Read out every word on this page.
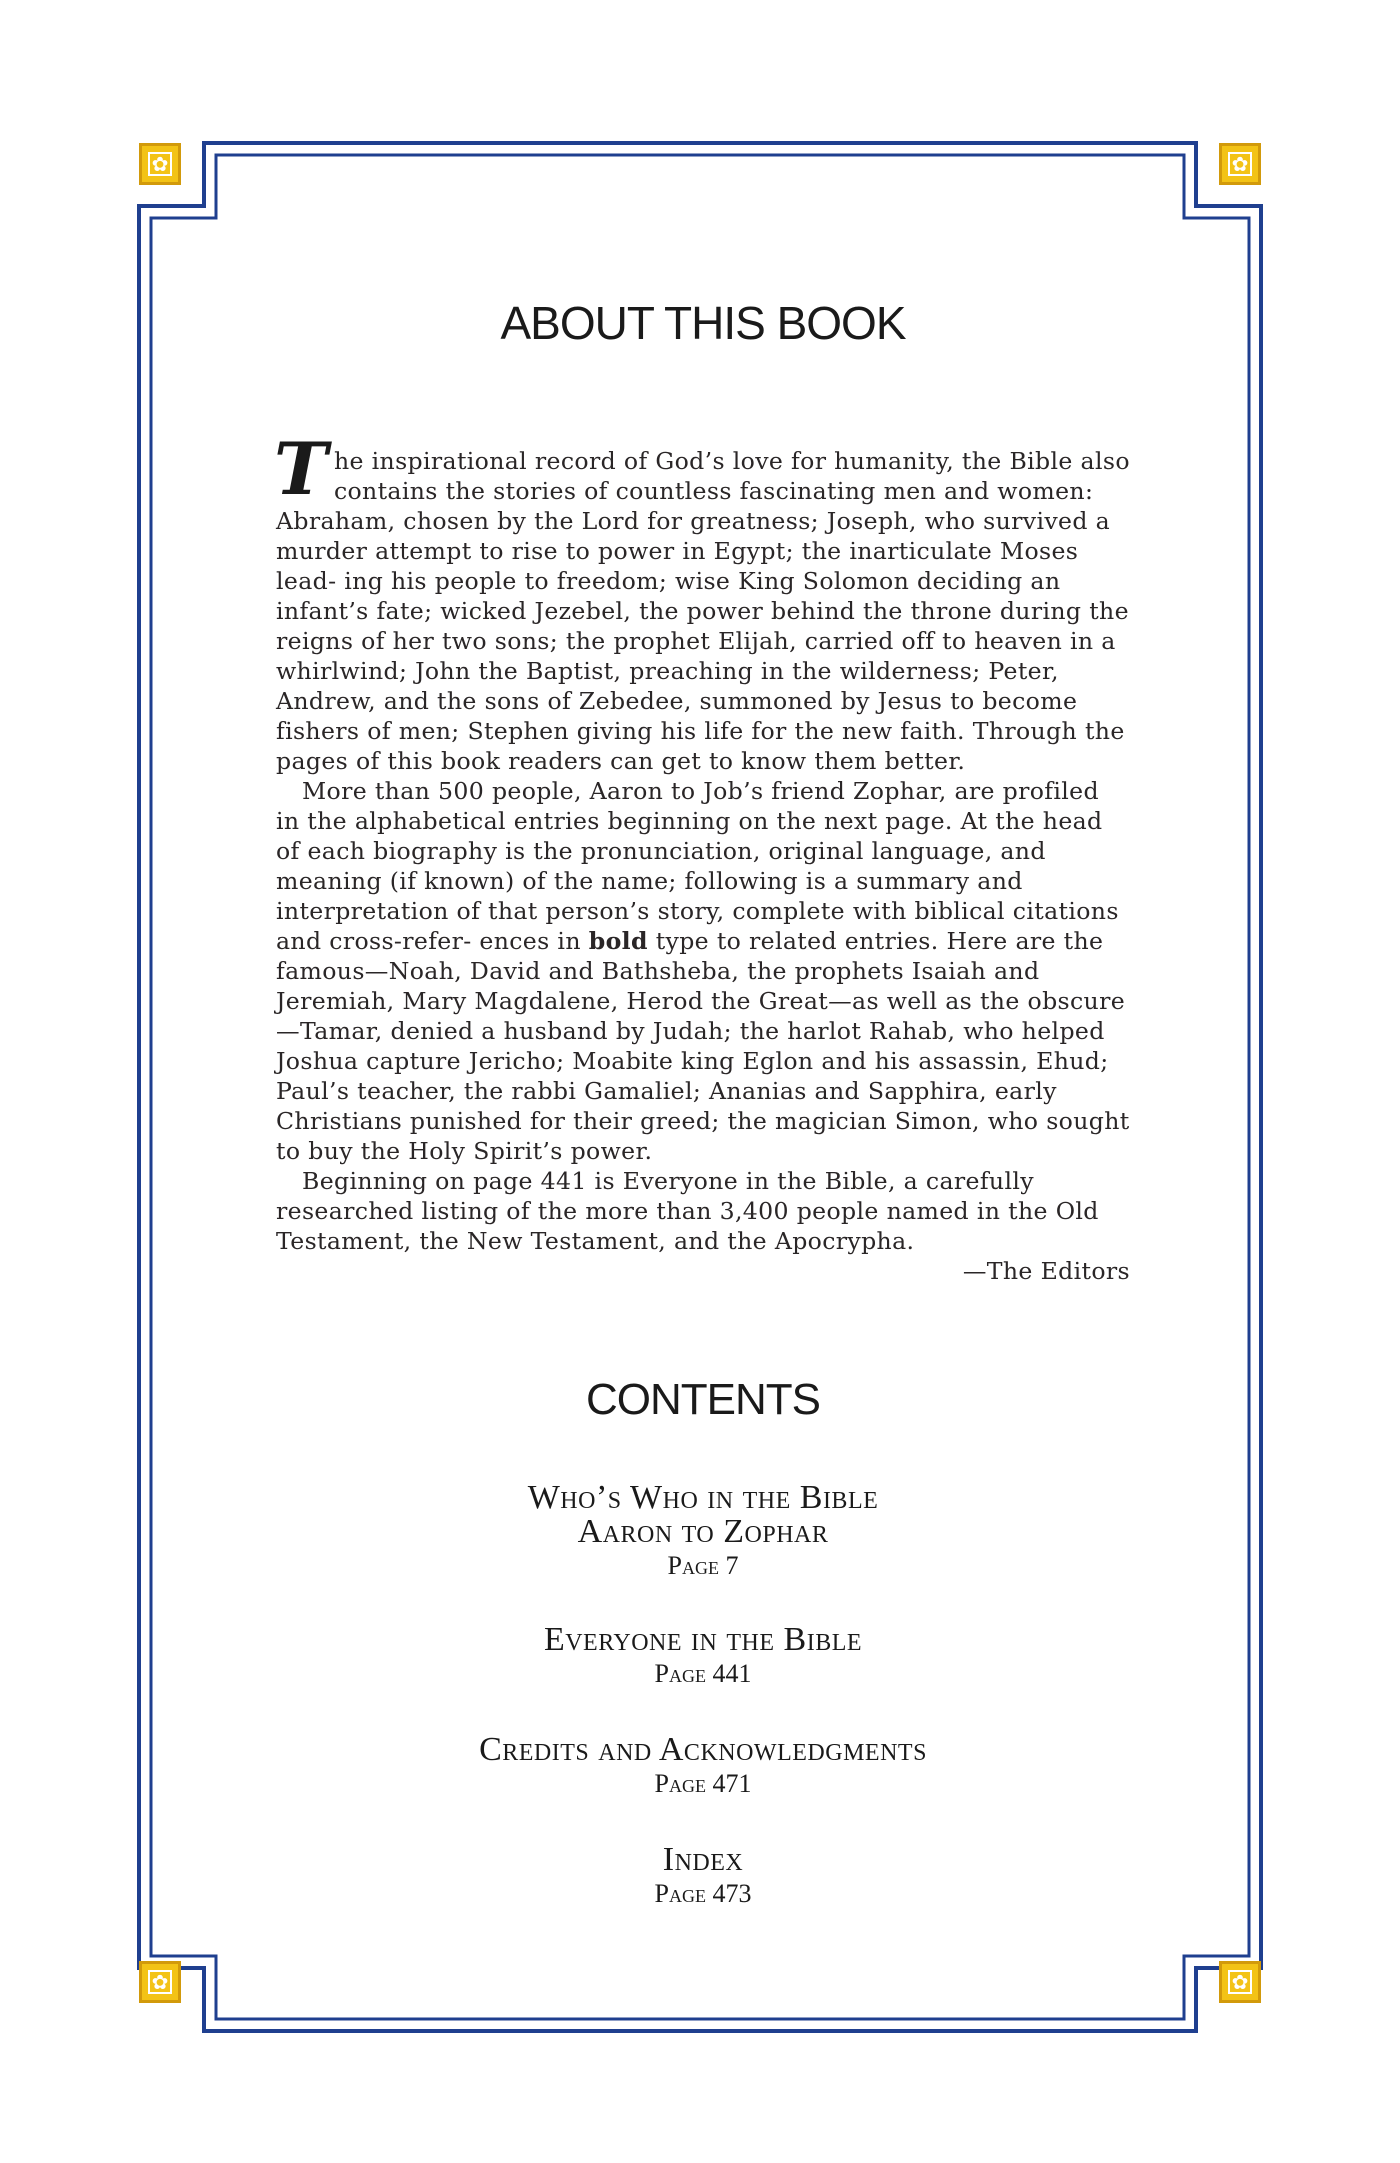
✿
✿
✿
✿
ABOUT THIS BOOK

The inspirational record of God’s love for humanity, the Bible also contains the stories of countless fascinating men and women: Abraham, chosen by the Lord for greatness; Joseph, who survived a murder attempt to rise to power in Egypt; the inarticulate Moses lead- ing his people to freedom; wise King Solomon deciding an infant’s fate; wicked Jezebel, the power behind the throne during the reigns of her two sons; the prophet Elijah, carried off to heaven in a whirlwind; John the Baptist, preaching in the wilderness; Peter, Andrew, and the sons of Zebedee, summoned by Jesus to become fishers of men; Stephen giving his life for the new faith. Through the pages of this book readers can get to know them better.

More than 500 people, Aaron to Job’s friend Zophar, are profiled in the alphabetical entries beginning on the next page. At the head of each biography is the pronunciation, original language, and meaning (if known) of the name; following is a summary and interpretation of that person’s story, complete with biblical citations and cross-refer- ences in bold type to related entries. Here are the famous—Noah, David and Bathsheba, the prophets Isaiah and Jeremiah, Mary Magdalene, Herod the Great—as well as the obscure—Tamar, denied a husband by Judah; the harlot Rahab, who helped Joshua capture Jericho; Moabite king Eglon and his assassin, Ehud; Paul’s teacher, the rabbi Gamaliel; Ananias and Sapphira, early Christians punished for their greed; the magician Simon, who sought to buy the Holy Spirit’s power.

Beginning on page 441 is Everyone in the Bible, a carefully researched listing of the more than 3,400 people named in the Old Testament, the New Testament, and the Apocrypha.

—The Editors

CONTENTS
Who’s Who in the Bible
Aaron to Zophar
Page 7
Everyone in the Bible
Page 441
Credits and Acknowledgments
Page 471
Index
Page 473
